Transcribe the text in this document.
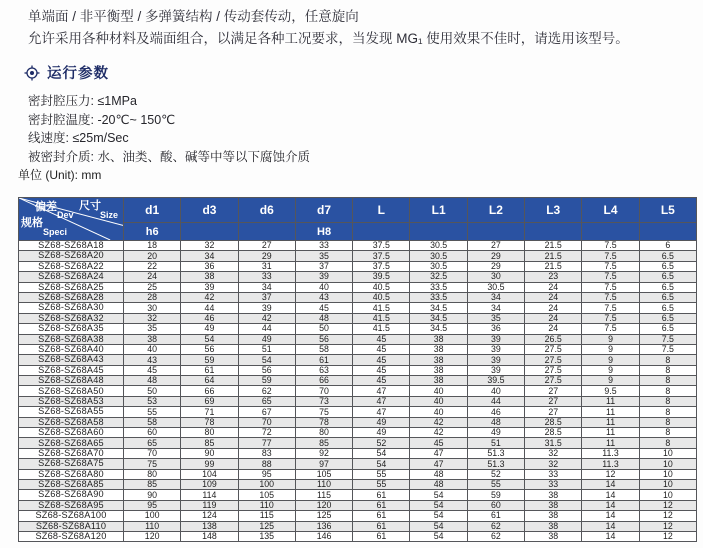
单端面 / 非平衡型 / 多弹簧结构 / 传动套传动，任意旋向
允许采用各种材料及端面组合，以满足各种工况要求，当发现 MG₁ 使用效果不佳时，请选用该型号。
运行参数
密封腔压力: ≤1MPa
密封腔温度: -20℃~ 150℃
线速度: ≤25m/Sec
被密封介质: 水、油类、酸、碱等中等以下腐蚀介质
单位 (Unit): mm
偏差
Dev
尺寸
Size
规格
Speci
	d1	d3	d6	d7	L	L1	L2	L3	L4	L5
	h6			H8						
SZ68-SZ68A18	18	32	27	33	37.5	30.5	27	21.5	7.5	6
SZ68-SZ68A20	20	34	29	35	37.5	30.5	29	21.5	7.5	6.5
SZ68-SZ68A22	22	36	31	37	37.5	30.5	29	21.5	7.5	6.5
SZ68-SZ68A24	24	38	33	39	39.5	32.5	30	23	7.5	6.5
SZ68-SZ68A25	25	39	34	40	40.5	33.5	30.5	24	7.5	6.5
SZ68-SZ68A28	28	42	37	43	40.5	33.5	34	24	7.5	6.5
SZ68-SZ68A30	30	44	39	45	41.5	34.5	34	24	7.5	6.5
SZ68-SZ68A32	32	46	42	48	41.5	34.5	35	24	7.5	6.5
SZ68-SZ68A35	35	49	44	50	41.5	34.5	36	24	7.5	6.5
SZ68-SZ68A38	38	54	49	56	45	38	39	26.5	9	7.5
SZ68-SZ68A40	40	56	51	58	45	38	39	27.5	9	7.5
SZ68-SZ68A43	43	59	54	61	45	38	39	27.5	9	8
SZ68-SZ68A45	45	61	56	63	45	38	39	27.5	9	8
SZ68-SZ68A48	48	64	59	66	45	38	39.5	27.5	9	8
SZ68-SZ68A50	50	66	62	70	47	40	40	27	9.5	8
SZ68-SZ68A53	53	69	65	73	47	40	44	27	11	8
SZ68-SZ68A55	55	71	67	75	47	40	46	27	11	8
SZ68-SZ68A58	58	78	70	78	49	42	48	28.5	11	8
SZ68-SZ68A60	60	80	72	80	49	42	49	28.5	11	8
SZ68-SZ68A65	65	85	77	85	52	45	51	31.5	11	8
SZ68-SZ68A70	70	90	83	92	54	47	51.3	32	11.3	10
SZ68-SZ68A75	75	99	88	97	54	47	51.3	32	11.3	10
SZ68-SZ68A80	80	104	95	105	55	48	52	33	12	10
SZ68-SZ68A85	85	109	100	110	55	48	55	33	14	10
SZ68-SZ68A90	90	114	105	115	61	54	59	38	14	10
SZ68-SZ68A95	95	119	110	120	61	54	60	38	14	12
SZ68-SZ68A100	100	124	115	125	61	54	61	38	14	12
SZ68-SZ68A110	110	138	125	136	61	54	62	38	14	12
SZ68-SZ68A120	120	148	135	146	61	54	62	38	14	12
